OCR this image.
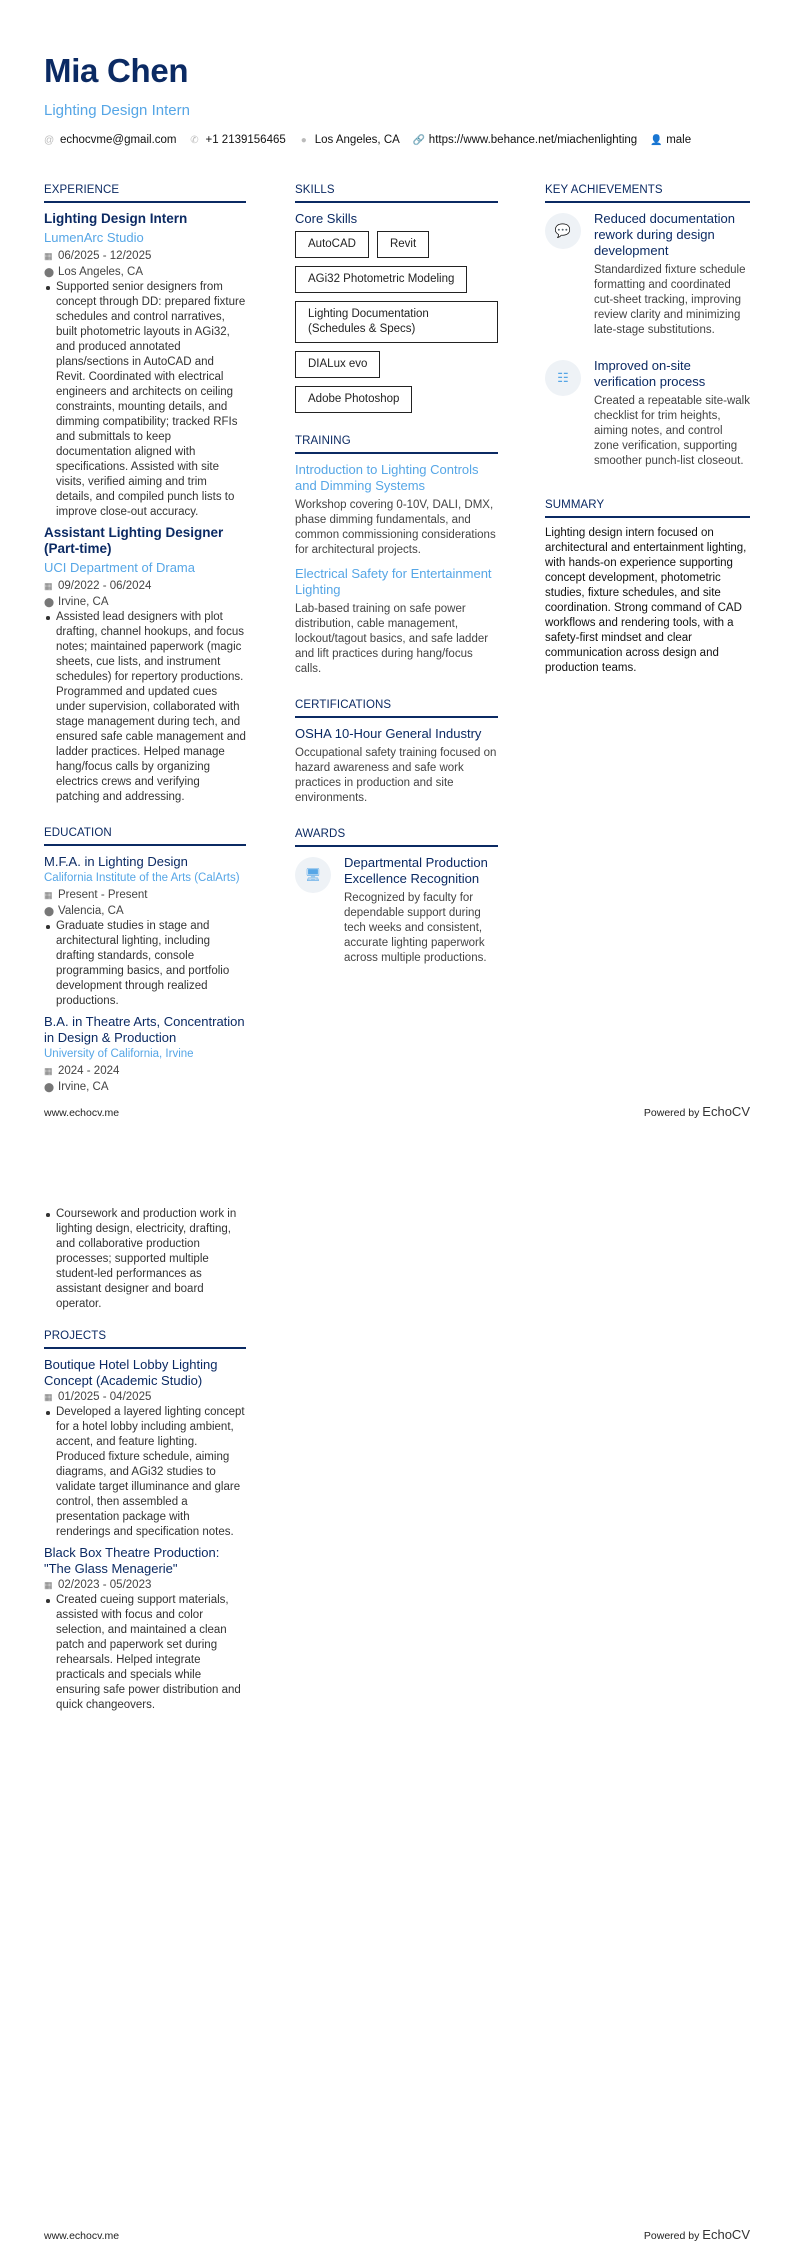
Mia Chen
Lighting Design Intern
@ echocvme@gmail.com ✆ +1 2139156465 ● Los Angeles, CA 🔗 https://www.behance.net/miachenlighting 👤 male
EXPERIENCE
Lighting Design Intern
LumenArc Studio
▦ 06/2025 - 12/2025
⬤ Los Angeles, CA
Supported senior designers from concept through DD: prepared fixture schedules and control narratives, built photometric layouts in AGi32, and produced annotated plans/sections in AutoCAD and Revit. Coordinated with electrical engineers and architects on ceiling constraints, mounting details, and dimming compatibility; tracked RFIs and submittals to keep documentation aligned with specifications. Assisted with site visits, verified aiming and trim details, and compiled punch lists to improve close-out accuracy.
Assistant Lighting Designer (Part-time)
UCI Department of Drama
▦ 09/2022 - 06/2024
⬤ Irvine, CA
Assisted lead designers with plot drafting, channel hookups, and focus notes; maintained paperwork (magic sheets, cue lists, and instrument schedules) for repertory productions. Programmed and updated cues under supervision, collaborated with stage management during tech, and ensured safe cable management and ladder practices. Helped manage hang/focus calls by organizing electrics crews and verifying patching and addressing.
EDUCATION
M.F.A. in Lighting Design
California Institute of the Arts (CalArts)
▦ Present - Present
⬤ Valencia, CA
Graduate studies in stage and architectural lighting, including drafting standards, console programming basics, and portfolio development through realized productions.
B.A. in Theatre Arts, Concentration in Design & Production
University of California, Irvine
▦ 2024 - 2024
⬤ Irvine, CA
SKILLS
Core Skills
AutoCAD	Revit
AGi32 Photometric Modeling
Lighting Documentation (Schedules & Specs)
DIALux evo
Adobe Photoshop
TRAINING
Introduction to Lighting Controls and Dimming Systems
Workshop covering 0-10V, DALI, DMX, phase dimming fundamentals, and common commissioning considerations for architectural projects.
Electrical Safety for Entertainment Lighting
Lab-based training on safe power distribution, cable management, lockout/tagout basics, and safe ladder and lift practices during hang/focus calls.
CERTIFICATIONS
OSHA 10-Hour General Industry
Occupational safety training focused on hazard awareness and safe work practices in production and site environments.
AWARDS
🖥
Departmental Production Excellence Recognition
Recognized by faculty for dependable support during tech weeks and consistent, accurate lighting paperwork across multiple productions.
KEY ACHIEVEMENTS
💬
Reduced documentation rework during design development
Standardized fixture schedule formatting and coordinated cut-sheet tracking, improving review clarity and minimizing late-stage substitutions.
☷
Improved on-site verification process
Created a repeatable site-walk checklist for trim heights, aiming notes, and control zone verification, supporting smoother punch-list closeout.
SUMMARY
Lighting design intern focused on architectural and entertainment lighting, with hands-on experience supporting concept development, photometric studies, fixture schedules, and site coordination. Strong command of CAD workflows and rendering tools, with a safety-first mindset and clear communication across design and production teams.
www.echocv.me	Powered by EchoCV
Coursework and production work in lighting design, electricity, drafting, and collaborative production processes; supported multiple student-led performances as assistant designer and board operator.
PROJECTS
Boutique Hotel Lobby Lighting Concept (Academic Studio)
▦ 01/2025 - 04/2025
Developed a layered lighting concept for a hotel lobby including ambient, accent, and feature lighting. Produced fixture schedule, aiming diagrams, and AGi32 studies to validate target illuminance and glare control, then assembled a presentation package with renderings and specification notes.
Black Box Theatre Production: "The Glass Menagerie"
▦ 02/2023 - 05/2023
Created cueing support materials, assisted with focus and color selection, and maintained a clean patch and paperwork set during rehearsals. Helped integrate practicals and specials while ensuring safe power distribution and quick changeovers.
www.echocv.me	Powered by EchoCV
